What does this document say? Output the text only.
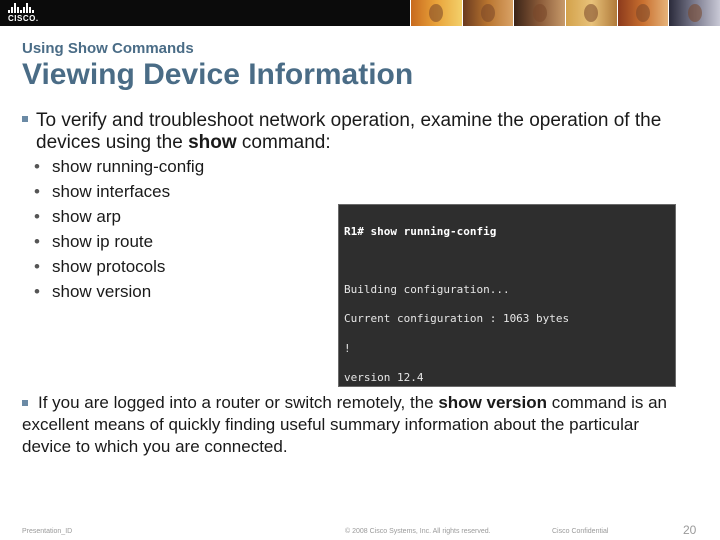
CISCO.
Using Show Commands
Viewing Device Information
To verify and troubleshoot network operation, examine the operation of the devices using the show command:
• show running-config
• show interfaces
• show arp
• show ip route
• show protocols
• show version

R1# show running-config

Building configuration...

Current configuration : 1063 bytes

!

version 12.4

If you are logged into a router or switch remotely, the show version command is an excellent means of quickly finding useful summary information about the particular device to which you are connected.
Presentation_ID	© 2008 Cisco Systems, Inc. All rights reserved.	Cisco Confidential	20
